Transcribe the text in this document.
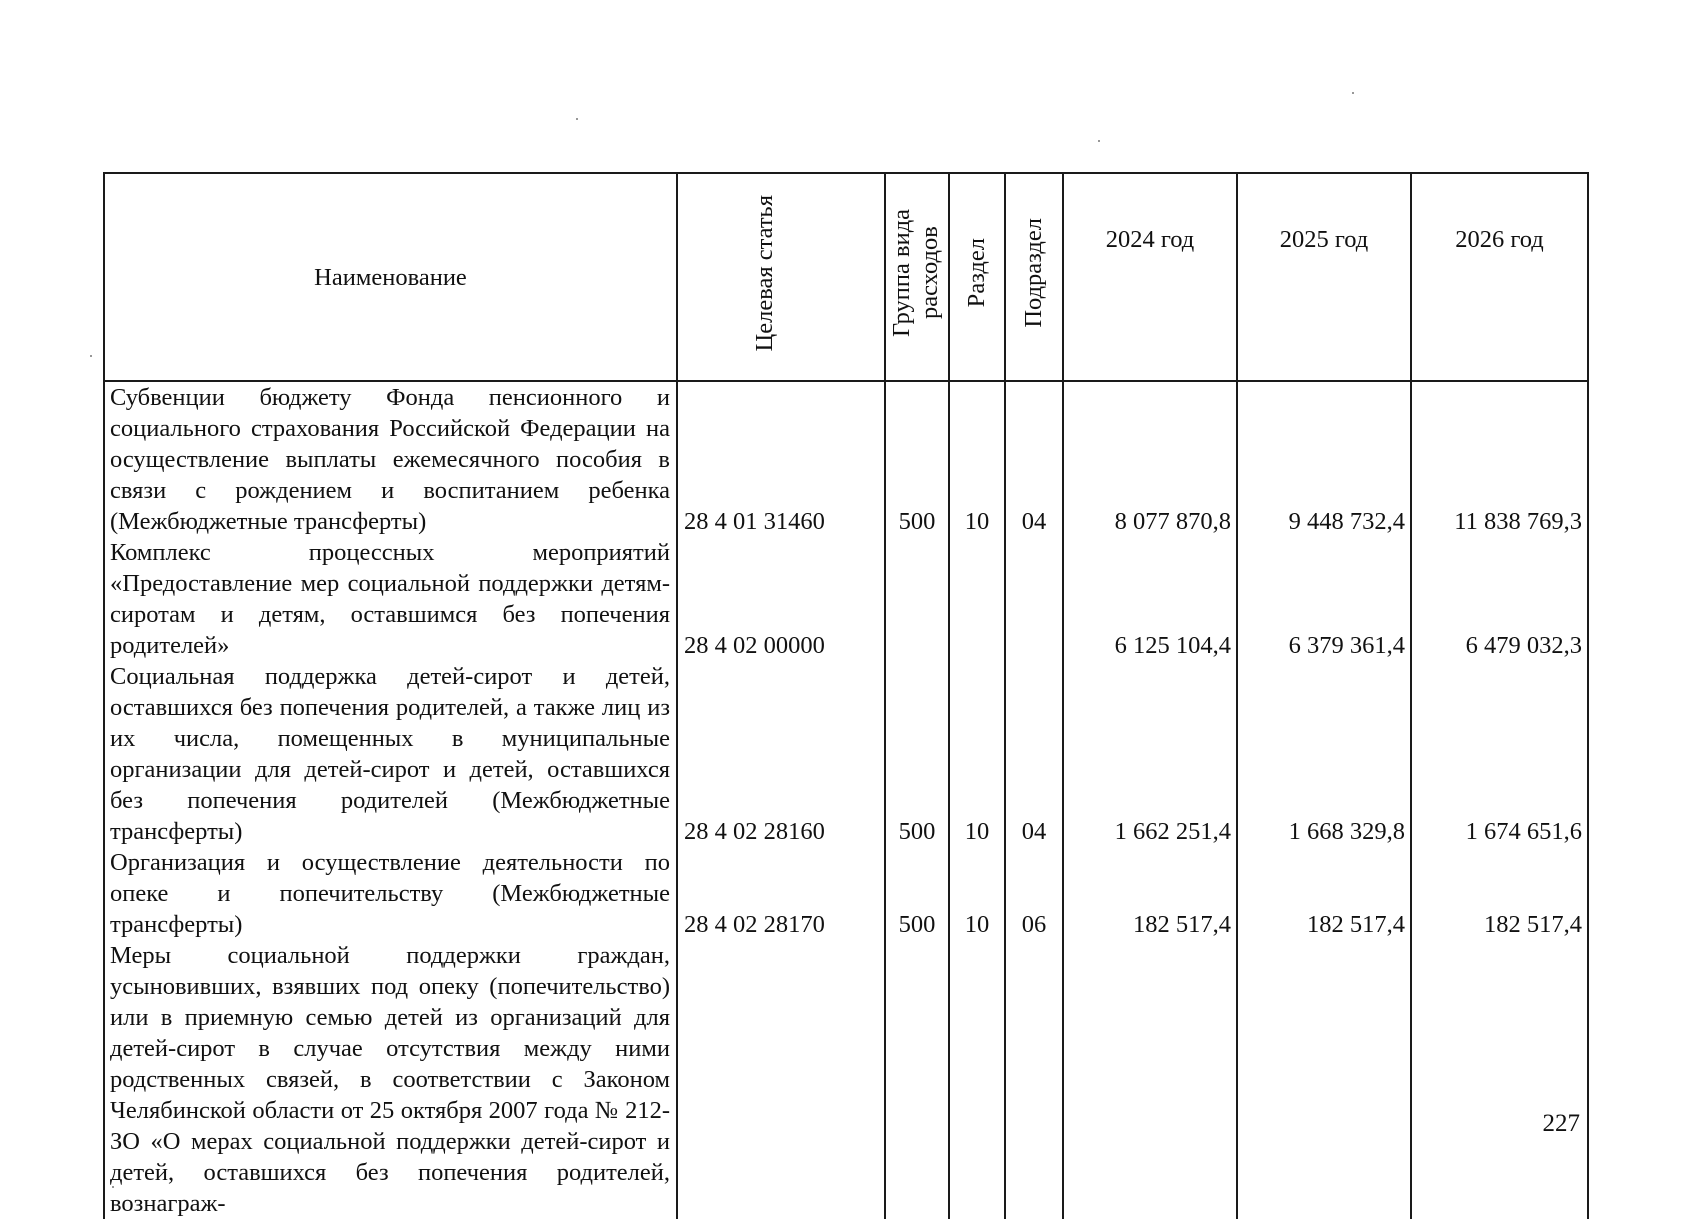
Наименование	Целевая статья	Группа вида расходов	Раздел	Подраздел	2024 год	2025 год	2026 год
Субвенции бюджету Фонда пенсионного и социального страхования Российской Федерации на осуществление выплаты ежемесячного пособия в связи с рождением и воспитанием ребенка (Межбюджетные трансферты)	28 4 01 31460	500	10	04	8 077 870,8	9 448 732,4	11 838 769,3
Комплекс процессных мероприятий «Предоставление мер социальной поддержки детям-сиротам и детям, оставшимся без попечения родителей»	28 4 02 00000				6 125 104,4	6 379 361,4	6 479 032,3
Социальная поддержка детей-сирот и детей, оставшихся без попечения родителей, а также лиц из их числа, помещенных в муниципальные организации для детей-сирот и детей, оставшихся без попечения родителей (Межбюджетные трансферты)	28 4 02 28160	500	10	04	1 662 251,4	1 668 329,8	1 674 651,6
Организация и осуществление деятельности по опеке и попечительству (Межбюджетные трансферты)	28 4 02 28170	500	10	06	182 517,4	182 517,4	182 517,4
Меры социальной поддержки граждан, усыновивших, взявших под опеку (попечительство) или в приемную семью детей из организаций для детей-сирот в случае отсутствия между ними родственных связей, в соответствии с Законом Челябинской области от 25 октября 2007 года № 212-ЗО «О мерах социальной поддержки детей-сирот и детей, оставшихся без попечения родителей, вознаграж-							
227
